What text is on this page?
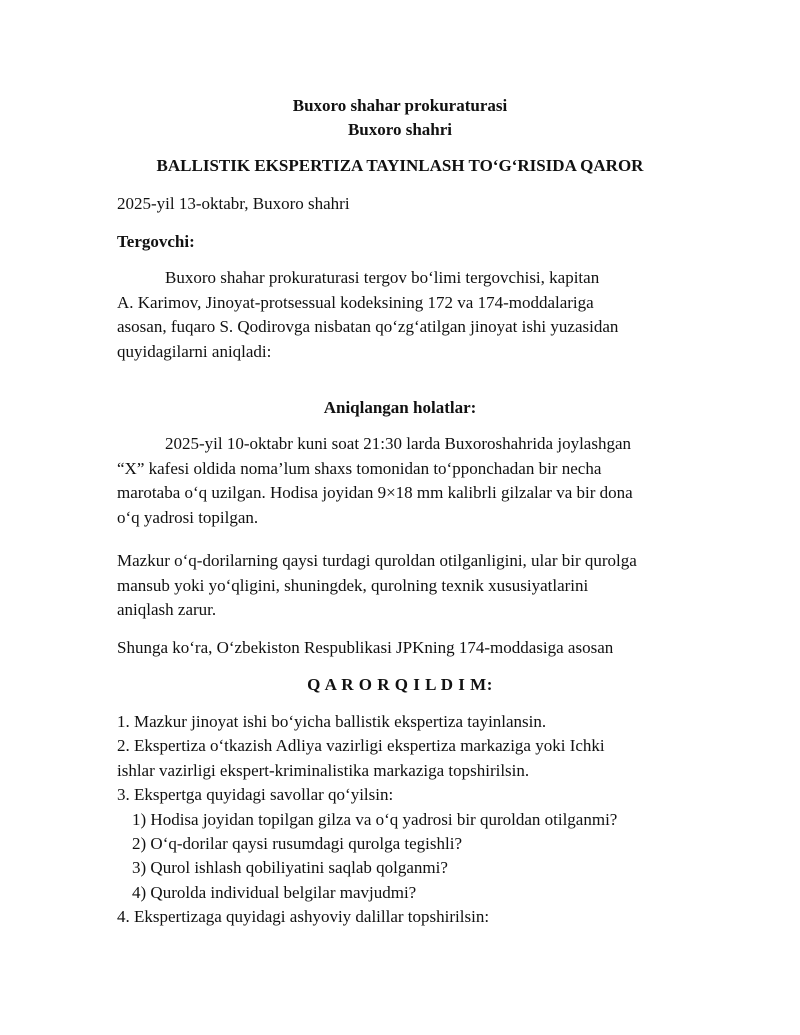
Buxoro shahar prokuraturasi
Buxoro shahri
BALLISTIK EKSPERTIZA TAYINLASH TO‘G‘RISIDA QAROR
2025-yil 13-oktabr, Buxoro shahri
Tergovchi:
Buxoro shahar prokuraturasi tergov bo‘limi tergovchisi, kapitan
A. Karimov, Jinoyat-protsessual kodeksining 172 va 174-moddalariga
asosan, fuqaro S. Qodirovga nisbatan qo‘zg‘atilgan jinoyat ishi yuzasidan
quyidagilarni aniqladi:
Aniqlangan holatlar:
2025-yil 10-oktabr kuni soat 21:30 larda Buxoroshahrida joylashgan
“X” kafesi oldida noma’lum shaxs tomonidan to‘pponchadan bir necha
marotaba o‘q uzilgan. Hodisa joyidan 9×18 mm kalibrli gilzalar va bir dona
o‘q yadrosi topilgan.
Mazkur o‘q-dorilarning qaysi turdagi quroldan otilganligini, ular bir qurolga
mansub yoki yo‘qligini, shuningdek, qurolning texnik xususiyatlarini
aniqlash zarur.
Shunga ko‘ra, O‘zbekiston Respublikasi JPKning 174-moddasiga asosan
Q A R O R Q I L D I M:
1. Mazkur jinoyat ishi bo‘yicha ballistik ekspertiza tayinlansin.
2. Ekspertiza o‘tkazish Adliya vazirligi ekspertiza markaziga yoki Ichki
ishlar vazirligi ekspert-kriminalistika markaziga topshirilsin.
3. Ekspertga quyidagi savollar qo‘yilsin:
1) Hodisa joyidan topilgan gilza va o‘q yadrosi bir quroldan otilganmi?
2) O‘q-dorilar qaysi rusumdagi qurolga tegishli?
3) Qurol ishlash qobiliyatini saqlab qolganmi?
4) Qurolda individual belgilar mavjudmi?
4. Ekspertizaga quyidagi ashyoviy dalillar topshirilsin:
